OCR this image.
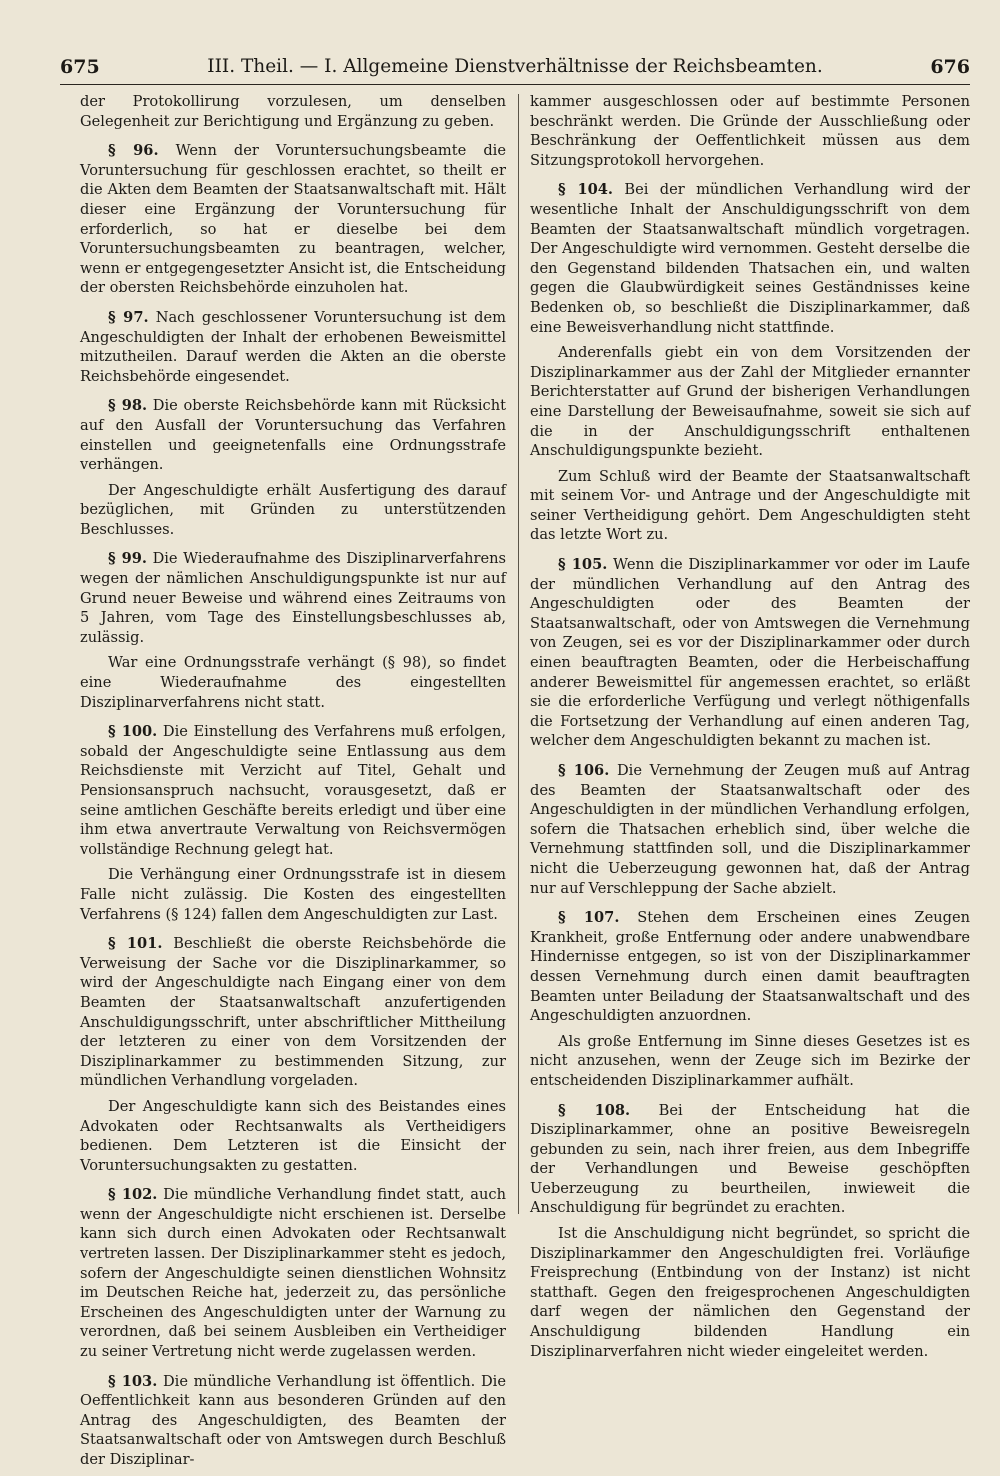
675	III. Theil. — I. Allgemeine Dienstverhältnisse der Reichsbeamten.	676

der Protokollirung vorzulesen, um denselben Gelegenheit zur Berichtigung und Ergänzung zu geben.

§ 96. Wenn der Voruntersuchungsbeamte die Voruntersuchung für geschlossen erachtet, so theilt er die Akten dem Beamten der Staatsanwaltschaft mit. Hält dieser eine Ergänzung der Voruntersuchung für erforderlich, so hat er dieselbe bei dem Voruntersuchungsbeamten zu beantragen, welcher, wenn er entgegengesetzter Ansicht ist, die Entscheidung der obersten Reichsbehörde einzuholen hat.

§ 97. Nach geschlossener Voruntersuchung ist dem Angeschuldigten der Inhalt der erhobenen Beweismittel mitzutheilen. Darauf werden die Akten an die oberste Reichsbehörde eingesendet.

§ 98. Die oberste Reichsbehörde kann mit Rücksicht auf den Ausfall der Voruntersuchung das Verfahren einstellen und geeignetenfalls eine Ordnungsstrafe verhängen.

Der Angeschuldigte erhält Ausfertigung des darauf bezüglichen, mit Gründen zu unterstützenden Beschlusses.

§ 99. Die Wiederaufnahme des Disziplinarverfahrens wegen der nämlichen Anschuldigungspunkte ist nur auf Grund neuer Beweise und während eines Zeitraums von 5 Jahren, vom Tage des Einstellungsbeschlusses ab, zulässig.

War eine Ordnungsstrafe verhängt (§ 98), so findet eine Wiederaufnahme des eingestellten Disziplinarverfahrens nicht statt.

§ 100. Die Einstellung des Verfahrens muß erfolgen, sobald der Angeschuldigte seine Entlassung aus dem Reichsdienste mit Verzicht auf Titel, Gehalt und Pensionsanspruch nachsucht, vorausgesetzt, daß er seine amtlichen Geschäfte bereits erledigt und über eine ihm etwa anvertraute Verwaltung von Reichsvermögen vollständige Rechnung gelegt hat.

Die Verhängung einer Ordnungsstrafe ist in diesem Falle nicht zulässig. Die Kosten des eingestellten Verfahrens (§ 124) fallen dem Angeschuldigten zur Last.

§ 101. Beschließt die oberste Reichsbehörde die Verweisung der Sache vor die Disziplinarkammer, so wird der Angeschuldigte nach Eingang einer von dem Beamten der Staatsanwaltschaft anzufertigenden Anschuldigungsschrift, unter abschriftlicher Mittheilung der letzteren zu einer von dem Vorsitzenden der Disziplinarkammer zu bestimmenden Sitzung, zur mündlichen Verhandlung vorgeladen.

Der Angeschuldigte kann sich des Beistandes eines Advokaten oder Rechtsanwalts als Vertheidigers bedienen. Dem Letzteren ist die Einsicht der Voruntersuchungsakten zu gestatten.

§ 102. Die mündliche Verhandlung findet statt, auch wenn der Angeschuldigte nicht erschienen ist. Derselbe kann sich durch einen Advokaten oder Rechtsanwalt vertreten lassen. Der Disziplinarkammer steht es jedoch, sofern der Angeschuldigte seinen dienstlichen Wohnsitz im Deutschen Reiche hat, jederzeit zu, das persönliche Erscheinen des Angeschuldigten unter der Warnung zu verordnen, daß bei seinem Ausbleiben ein Vertheidiger zu seiner Vertretung nicht werde zugelassen werden.

§ 103. Die mündliche Verhandlung ist öffentlich. Die Oeffentlichkeit kann aus besonderen Gründen auf den Antrag des Angeschuldigten, des Beamten der Staatsanwaltschaft oder von Amtswegen durch Beschluß der Disziplinar-

kammer ausgeschlossen oder auf bestimmte Personen beschränkt werden. Die Gründe der Ausschließung oder Beschränkung der Oeffentlichkeit müssen aus dem Sitzungsprotokoll hervorgehen.

§ 104. Bei der mündlichen Verhandlung wird der wesentliche Inhalt der Anschuldigungsschrift von dem Beamten der Staatsanwaltschaft mündlich vorgetragen. Der Angeschuldigte wird vernommen. Gesteht derselbe die den Gegenstand bildenden Thatsachen ein, und walten gegen die Glaubwürdigkeit seines Geständnisses keine Bedenken ob, so beschließt die Disziplinarkammer, daß eine Beweisverhandlung nicht stattfinde.

Anderenfalls giebt ein von dem Vorsitzenden der Disziplinarkammer aus der Zahl der Mitglieder ernannter Berichterstatter auf Grund der bisherigen Verhandlungen eine Darstellung der Beweisaufnahme, soweit sie sich auf die in der Anschuldigungsschrift enthaltenen Anschuldigungspunkte bezieht.

Zum Schluß wird der Beamte der Staatsanwaltschaft mit seinem Vor- und Antrage und der Angeschuldigte mit seiner Vertheidigung gehört. Dem Angeschuldigten steht das letzte Wort zu.

§ 105. Wenn die Disziplinarkammer vor oder im Laufe der mündlichen Verhandlung auf den Antrag des Angeschuldigten oder des Beamten der Staatsanwaltschaft, oder von Amtswegen die Vernehmung von Zeugen, sei es vor der Disziplinarkammer oder durch einen beauftragten Beamten, oder die Herbeischaffung anderer Beweismittel für angemessen erachtet, so erläßt sie die erforderliche Verfügung und verlegt nöthigenfalls die Fortsetzung der Verhandlung auf einen anderen Tag, welcher dem Angeschuldigten bekannt zu machen ist.

§ 106. Die Vernehmung der Zeugen muß auf Antrag des Beamten der Staatsanwaltschaft oder des Angeschuldigten in der mündlichen Verhandlung erfolgen, sofern die Thatsachen erheblich sind, über welche die Vernehmung stattfinden soll, und die Disziplinarkammer nicht die Ueberzeugung gewonnen hat, daß der Antrag nur auf Verschleppung der Sache abzielt.

§ 107. Stehen dem Erscheinen eines Zeugen Krankheit, große Entfernung oder andere unabwendbare Hindernisse entgegen, so ist von der Disziplinarkammer dessen Vernehmung durch einen damit beauftragten Beamten unter Beiladung der Staatsanwaltschaft und des Angeschuldigten anzuordnen.

Als große Entfernung im Sinne dieses Gesetzes ist es nicht anzusehen, wenn der Zeuge sich im Bezirke der entscheidenden Disziplinarkammer aufhält.

§ 108. Bei der Entscheidung hat die Disziplinarkammer, ohne an positive Beweisregeln gebunden zu sein, nach ihrer freien, aus dem Inbegriffe der Verhandlungen und Beweise geschöpften Ueberzeugung zu beurtheilen, inwieweit die Anschuldigung für begründet zu erachten.

Ist die Anschuldigung nicht begründet, so spricht die Disziplinarkammer den Angeschuldigten frei. Vorläufige Freisprechung (Entbindung von der Instanz) ist nicht statthaft. Gegen den freigesprochenen Angeschuldigten darf wegen der nämlichen den Gegenstand der Anschuldigung bildenden Handlung ein Disziplinarverfahren nicht wieder eingeleitet werden.
